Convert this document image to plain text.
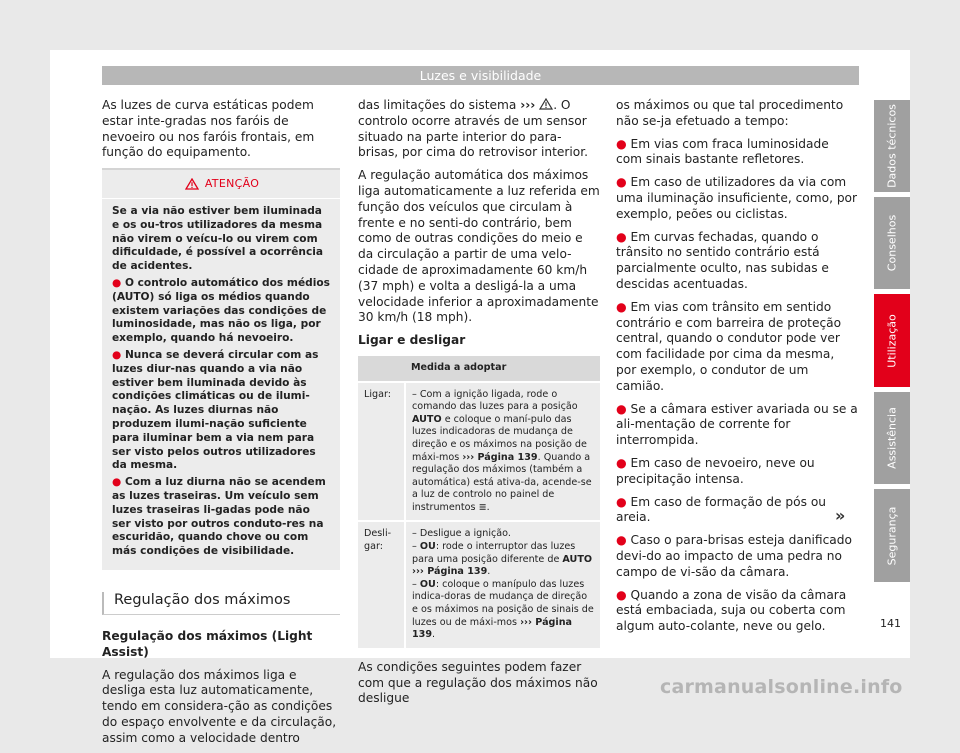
Luzes e visibilidade

As luzes de curva estáticas podem estar inte-gradas nos faróis de nevoeiro ou nos faróis frontais, em função do equipamento.

ATENÇÃO

Se a via não estiver bem iluminada e os ou-tros utilizadores da mesma não virem o veícu-lo ou virem com dificuldade, é possível a ocorrência de acidentes.

● O controlo automático dos médios (AUTO) só liga os médios quando existem variações das condições de luminosidade, mas não os liga, por exemplo, quando há nevoeiro.

● Nunca se deverá circular com as luzes diur-nas quando a via não estiver bem iluminada devido às condições climáticas ou de ilumi-nação. As luzes diurnas não produzem ilumi-nação suficiente para iluminar bem a via nem para ser visto pelos outros utilizadores da mesma.

● Com a luz diurna não se acendem as luzes traseiras. Um veículo sem luzes traseiras li-gadas pode não ser visto por outros conduto-res na escuridão, quando chove ou com más condições de visibilidade.

Regulação dos máximos

Regulação dos máximos (Light Assist)

A regulação dos máximos liga e desliga esta luz automaticamente, tendo em considera-ção as condições do espaço envolvente e da circulação, assim como a velocidade dentro

das limitações do sistema ››› . O controlo ocorre através de um sensor situado na parte interior do para-brisas, por cima do retrovisor interior.

A regulação automática dos máximos liga automaticamente a luz referida em função dos veículos que circulam à frente e no senti-do contrário, bem como de outras condições do meio e da circulação a partir de uma velo-cidade de aproximadamente 60 km/h (37 mph) e volta a desligá-la a uma velocidade inferior a aproximadamente 30 km/h (18 mph).

Ligar e desligar

	Medida a adoptar
Ligar:	– Com a ignição ligada, rode o comando das luzes para a posição AUTO e coloque o maní-pulo das luzes indicadoras de mudança de direção e os máximos na posição de máxi-mos ››› Página 139. Quando a regulação dos máximos (também a automática) está ativa-da, acende-se a luz de controlo no painel de instrumentos ≣.
Desli-gar:	– Desligue a ignição.
– OU: rode o interruptor das luzes para uma posição diferente de AUTO ››› Página 139.
– OU: coloque o manípulo das luzes indica-doras de mudança de direção e os máximos na posição de sinais de luzes ou de máxi-mos ››› Página 139.

As condições seguintes podem fazer com que a regulação dos máximos não desligue

os máximos ou que tal procedimento não se-ja efetuado a tempo:

● Em vias com fraca luminosidade com sinais bastante refletores.

● Em caso de utilizadores da via com uma iluminação insuficiente, como, por exemplo, peões ou ciclistas.

● Em curvas fechadas, quando o trânsito no sentido contrário está parcialmente oculto, nas subidas e descidas acentuadas.

● Em vias com trânsito em sentido contrário e com barreira de proteção central, quando o condutor pode ver com facilidade por cima da mesma, por exemplo, o condutor de um camião.

● Se a câmara estiver avariada ou se a ali-mentação de corrente for interrompida.

● Em caso de nevoeiro, neve ou precipitação intensa.

● Em caso de formação de pós ou areia.

● Caso o para-brisas esteja danificado devi-do ao impacto de uma pedra no campo de vi-são da câmara.

● Quando a zona de visão da câmara está embaciada, suja ou coberta com algum auto-colante, neve ou gelo.

»
Dados técnicos
Conselhos
Utilização
Assistência
Segurança
141
carmanualsonline.info
